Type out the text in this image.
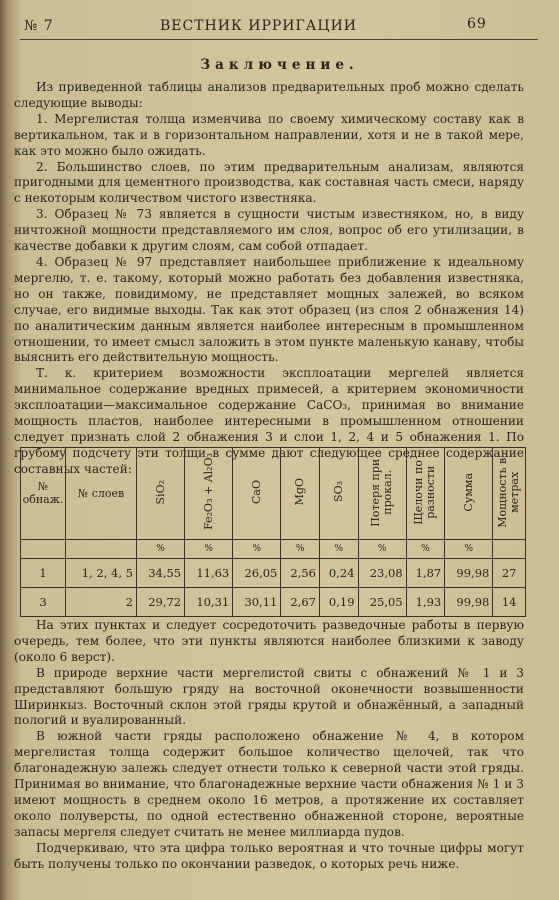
№ 7	ВЕСТНИК ИРРИГАЦИИ	69
Заключение.

Из приведенной таблицы анализов предварительных проб можно сделать следующие выводы:

1. Мергелистая толща изменчива по своему химическому составу как в вертикальном, так и в горизонтальном направлении, хотя и не в такой мере, как это можно было ожидать.

2. Большинство слоев, по этим предварительным анализам, являются пригодными для цементного производства, как составная часть смеси, наряду с некоторым количеством чистого известняка.

3. Образец № 73 является в сущности чистым известняком, но, в виду ничтожной мощности представляемого им слоя, вопрос об его утилизации, в качестве добавки к другим слоям, сам собой отпадает.

4. Образец № 97 представляет наибольшее приближение к идеальному мергелю, т. е. такому, который можно работать без добавления известняка, но он также, повидимому, не представляет мощных залежей, во всяком случае, его видимые выходы. Так как этот образец (из слоя 2 обнажения 14) по аналитическим данным является наиболее интересным в промышленном отношении, то имеет смысл заложить в этом пункте маленькую канаву, чтобы выяснить его действительную мощность.

Т. к. критерием возможности эксплоатации мергелей является минимальное содержание вредных примесей, а критерием экономичности эксплоатации—максимальное содержание CaCO₃, принимая во внимание мощность пластов, наиболее интересными в промышленном отношении следует признать слой 2 обнажения 3 и слои 1, 2, 4 и 5 обнажения 1. По грубому подсчету эти толщи в сумме дают следующее среднее содержание составных частей:

№ обнаж.	№ слоев	SiO₂	Fe₂O₃ + Al₂O₃	CaO	MgO	SO₃	Потеря при прокал.	Щелочи по разности	Сумма	Мощность в метрах
		%	%	%	%	%	%	%	%	
1	1, 2, 4, 5	34,55	11,63	26,05	2,56	0,24	23,08	1,87	99,98	27
3	2	29,72	10,31	30,11	2,67	0,19	25,05	1,93	99,98	14

На этих пунктах и следует сосредоточить разведочные работы в первую очередь, тем более, что эти пункты являются наиболее близкими к заводу (около 6 верст).

В природе верхние части мергелистой свиты с обнажений № 1 и 3 представляют большую гряду на восточной оконечности возвышенности Ширинкыз. Восточный склон этой гряды крутой и обнажённый, а западный пологий и вуалированный.

В южной части гряды расположено обнажение № 4, в котором мергелистая толща содержит большое количество щелочей, так что благонадежную залежь следует отнести только к северной части этой гряды. Принимая во внимание, что благонадежные верхние части обнажения № 1 и 3 имеют мощность в среднем около 16 метров, а протяжение их составляет около полуверсты, по одной естественно обнаженной стороне, вероятные запасы мергеля следует считать не менее миллиарда пудов.

Подчеркиваю, что эта цифра только вероятная и что точные цифры могут быть получены только по окончании разведок, о которых речь ниже.
